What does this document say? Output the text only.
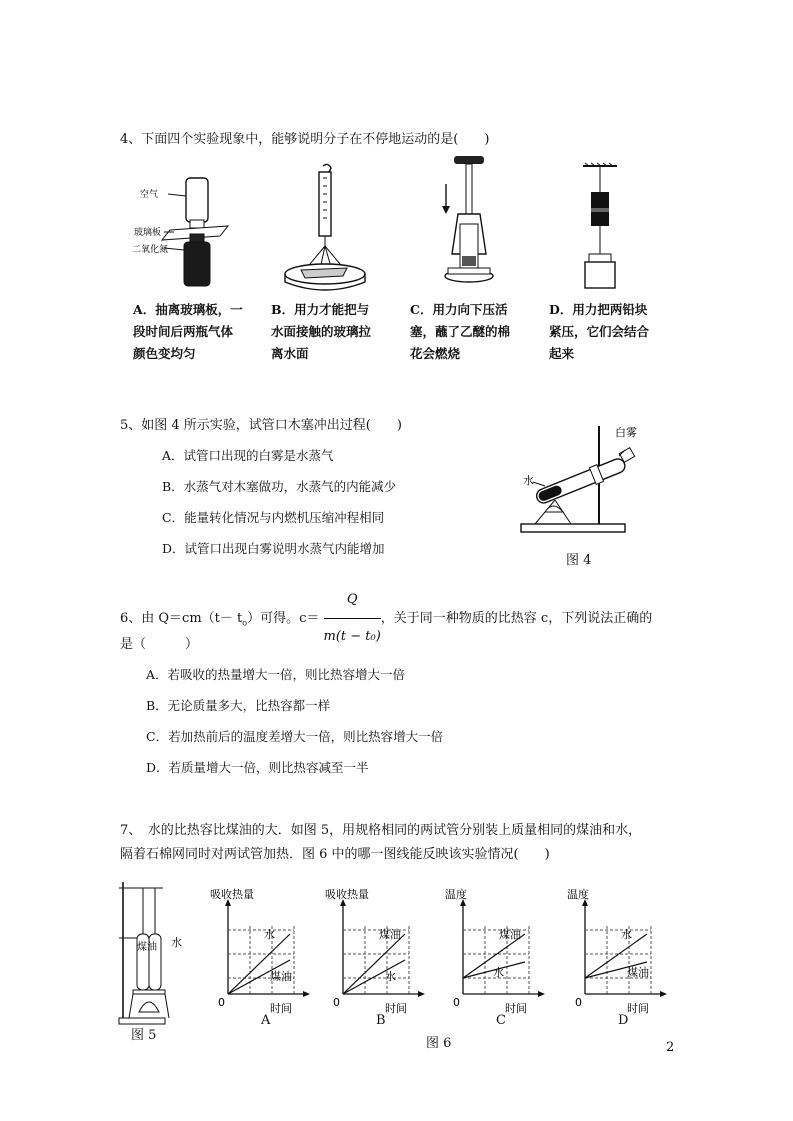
4、下面四个实验现象中，能够说明分子在不停地运动的是(　　)
空气
玻璃板
二氧化氮
A．抽离玻璃板，一
段时间后两瓶气体
颜色变均匀
B．用力才能把与
水面接触的玻璃拉
离水面
C．用力向下压活
塞，蘸了乙醚的棉
花会燃烧
D．用力把两铅块
紧压，它们会结合
起来
5、如图 4 所示实验，试管口木塞冲出过程(　　)
A．试管口出现的白雾是水蒸气
B．水蒸气对木塞做功，水蒸气的内能减少
C．能量转化情况与内燃机压缩冲程相同
D．试管口出现白雾说明水蒸气内能增加
白雾
水
图 4
6、由 $Q=cm(t- t_o)$可得。$c= \frac{Q}{\text{m(t − t₀)}}$ ，关于同一种物质的比热容 c，下列说法正确的
是（　　　）
A．若吸收的热量增大一倍，则比热容增大一倍
B．无论质量多大，比热容都一样
C．若加热前后的温度差增大一倍，则比热容增大一倍
D．若质量增大一倍，则比热容减至一半
7、　水的比热容比煤油的大．如图 5，用规格相同的两试管分别装上质量相同的煤油和水，
隔着石棉网同时对两试管加热．图 6 中的哪一图线能反映该实验情况(　　)
煤油 水
图 5
吸收热量
0	时间
水
煤油
A
吸收热量
0	时间
煤油
水
B
温度
0	时间
煤油
水
C
温度
0	时间
水
煤油
D
图 6	2
